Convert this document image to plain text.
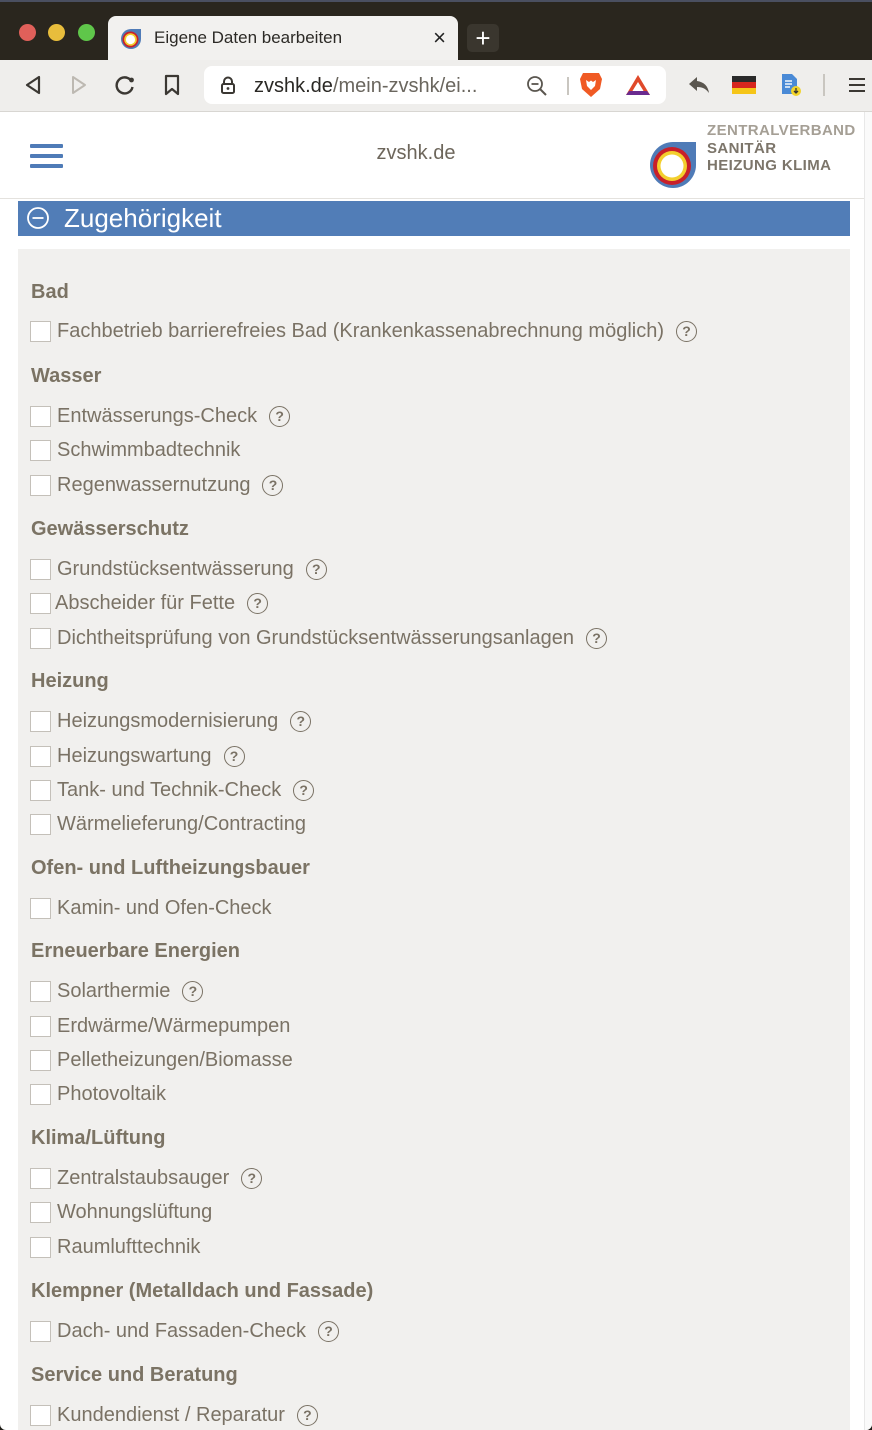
Eigene Daten bearbeiten	×	+
zvshk.de/mein-zvshk/ei...
zvshk.de
ZENTRALVERBAND
SANITÄR
HEIZUNG KLIMA
Zugehörigkeit
Bad
Fachbetrieb barrierefreies Bad (Krankenkassenabrechnung möglich)	?
Wasser
Entwässerungs-Check	?
Schwimmbadtechnik
Regenwassernutzung	?
Gewässerschutz
Grundstücksentwässerung	?
Abscheider für Fette	?
Dichtheitsprüfung von Grundstücksentwässerungsanlagen	?
Heizung
Heizungsmodernisierung	?
Heizungswartung	?
Tank- und Technik-Check	?
Wärmelieferung/Contracting
Ofen- und Luftheizungsbauer
Kamin- und Ofen-Check
Erneuerbare Energien
Solarthermie	?
Erdwärme/Wärmepumpen
Pelletheizungen/Biomasse
Photovoltaik
Klima/Lüftung
Zentralstaubsauger	?
Wohnungslüftung
Raumlufttechnik
Klempner (Metalldach und Fassade)
Dach- und Fassaden-Check	?
Service und Beratung
Kundendienst / Reparatur	?
